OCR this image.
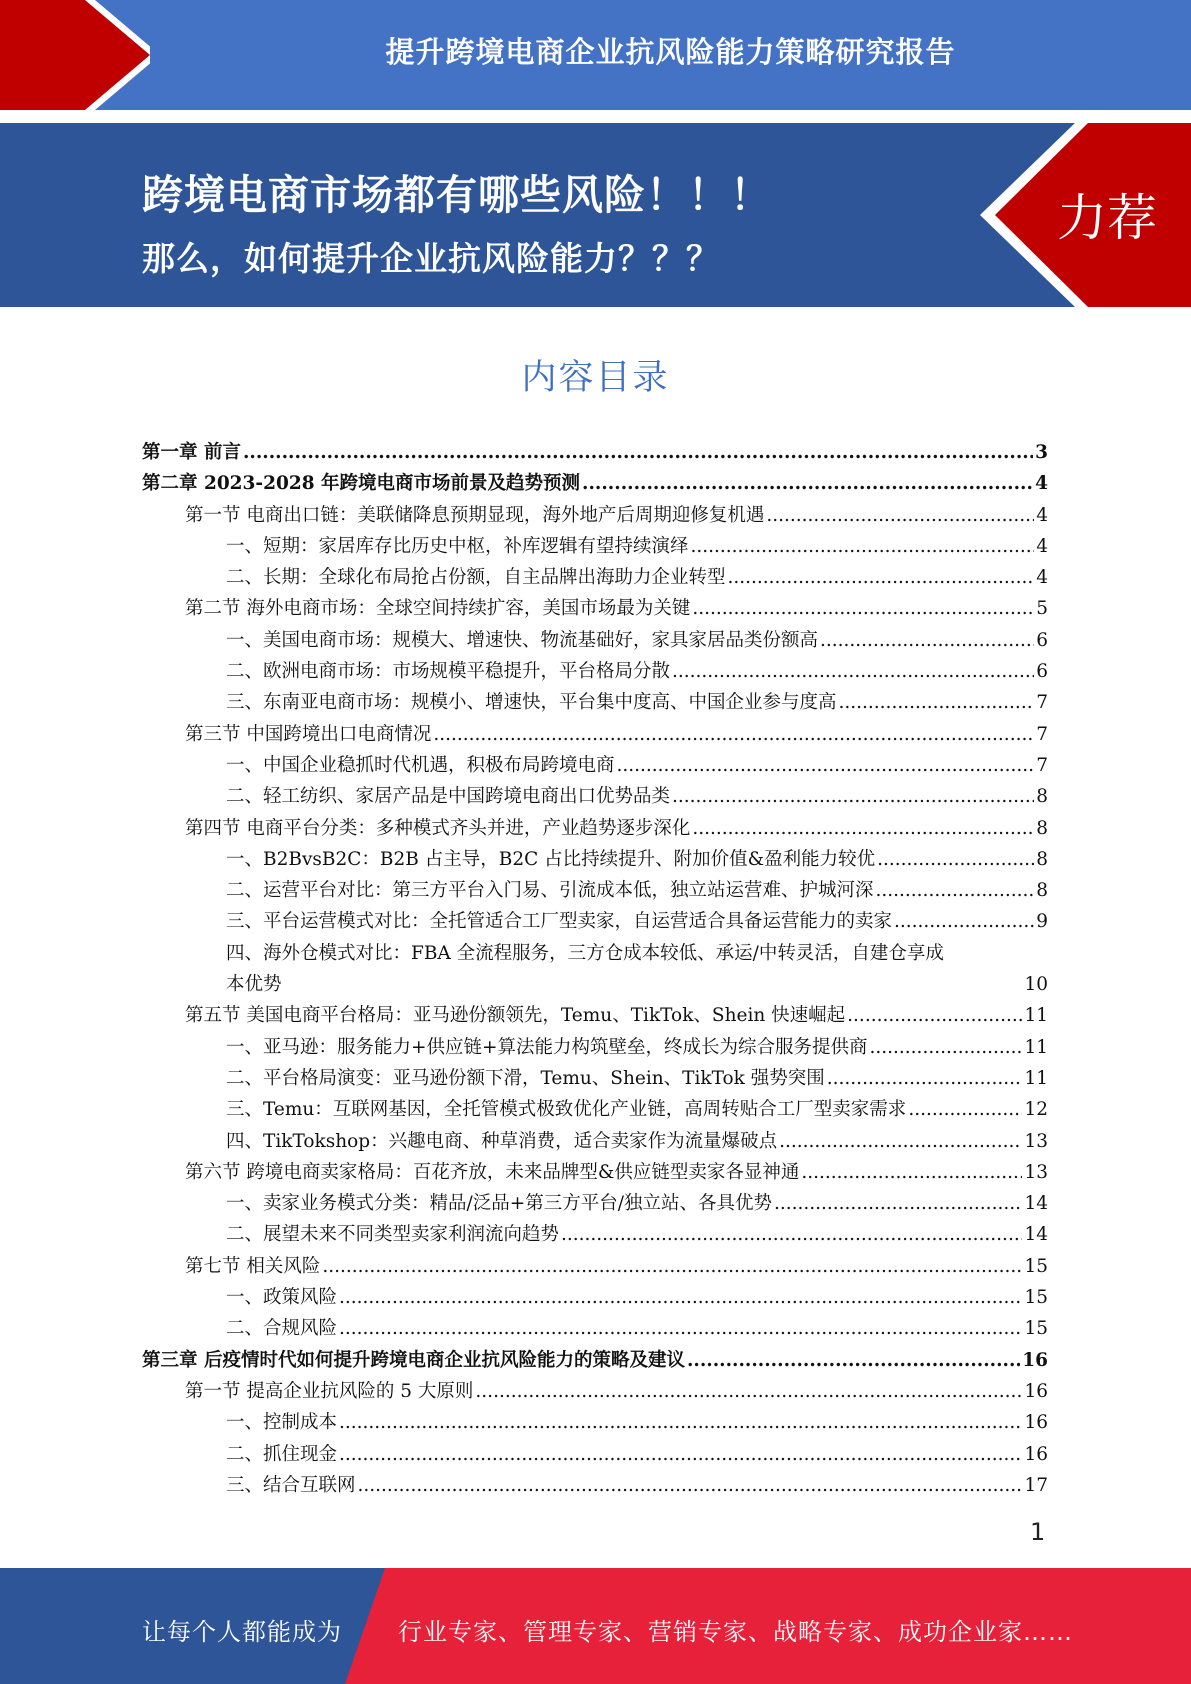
提升跨境电商企业抗风险能力策略研究报告
跨境电商市场都有哪些风险！！！
那么，如何提升企业抗风险能力？？？
力荐
内容目录
第一章 前言 .....	3
第二章 2023-2028 年跨境电商市场前景及趋势预测 .....	4
第一节 电商出口链：美联储降息预期显现，海外地产后周期迎修复机遇 .....	4
一、短期：家居库存比历史中枢，补库逻辑有望持续演绎 .....	4
二、长期：全球化布局抢占份额，自主品牌出海助力企业转型 .....	4
第二节 海外电商市场：全球空间持续扩容，美国市场最为关键 .....	5
一、美国电商市场：规模大、增速快、物流基础好，家具家居品类份额高 .....	6
二、欧洲电商市场：市场规模平稳提升，平台格局分散 .....	6
三、东南亚电商市场：规模小、增速快，平台集中度高、中国企业参与度高 .....	7
第三节 中国跨境出口电商情况 .....	7
一、中国企业稳抓时代机遇，积极布局跨境电商 .....	7
二、轻工纺织、家居产品是中国跨境电商出口优势品类 .....	8
第四节 电商平台分类：多种模式齐头并进，产业趋势逐步深化 .....	8
一、B2BvsB2C：B2B 占主导，B2C 占比持续提升、附加价值&盈利能力较优 .....	8
二、运营平台对比：第三方平台入门易、引流成本低，独立站运营难、护城河深 .....	8
三、平台运营模式对比：全托管适合工厂型卖家，自运营适合具备运营能力的卖家 .....	9
四、海外仓模式对比：FBA 全流程服务，三方仓成本较低、承运/中转灵活，自建仓享成
本优势	10
第五节 美国电商平台格局：亚马逊份额领先，Temu、TikTok、Shein 快速崛起 .....	11
一、亚马逊：服务能力+供应链+算法能力构筑壁垒，终成长为综合服务提供商 .....	11
二、平台格局演变：亚马逊份额下滑，Temu、Shein、TikTok 强势突围 .....	11
三、Temu：互联网基因，全托管模式极致优化产业链，高周转贴合工厂型卖家需求 .....	12
四、TikTokshop：兴趣电商、种草消费，适合卖家作为流量爆破点 .....	13
第六节 跨境电商卖家格局：百花齐放，未来品牌型&供应链型卖家各显神通 .....	13
一、卖家业务模式分类：精品/泛品+第三方平台/独立站、各具优势 .....	14
二、展望未来不同类型卖家利润流向趋势 .....	14
第七节 相关风险 .....	15
一、政策风险 .....	15
二、合规风险 .....	15
第三章 后疫情时代如何提升跨境电商企业抗风险能力的策略及建议 .....	16
第一节 提高企业抗风险的 5 大原则 .....	16
一、控制成本 .....	16
二、抓住现金 .....	16
三、结合互联网 .....	17
1
让每个人都能成为 行业专家、管理专家、营销专家、战略专家、成功企业家……
